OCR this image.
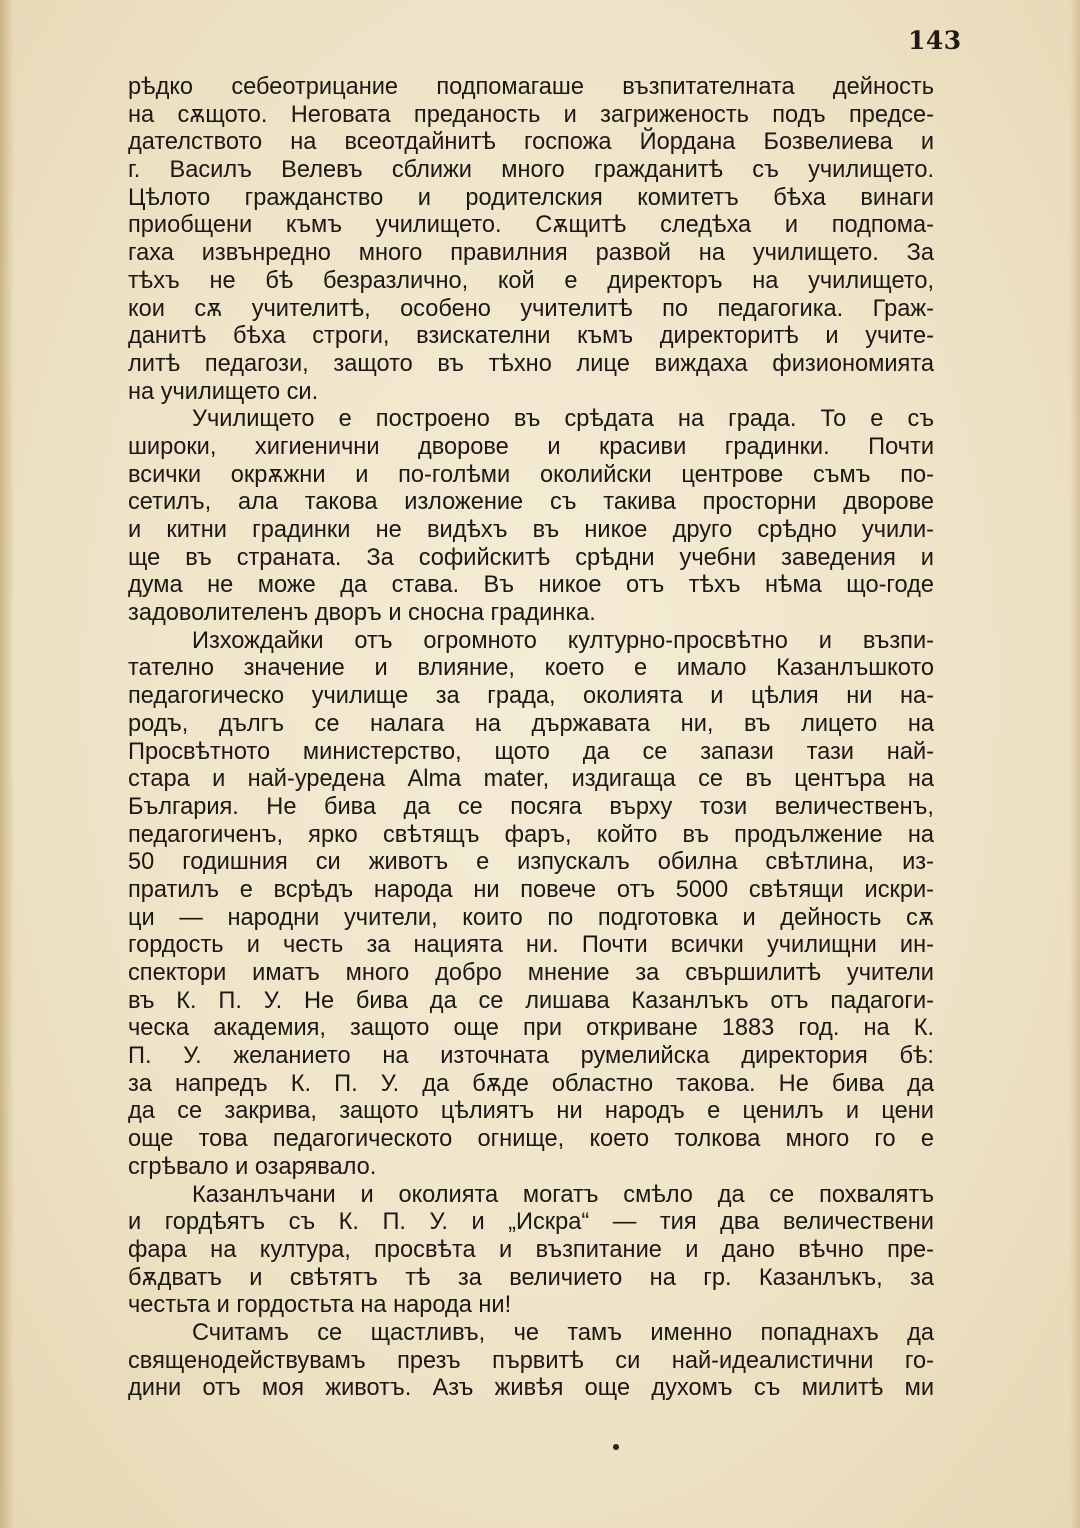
143
рѣдко себеотрицание подпомагаше възпитателната дейность
на сѫщото. Неговата преданость и загриженость подъ предсе-
дателството на всеотдайнитѣ госпожа Йордана Бозвелиева и
г. Василъ Велевъ сближи много гражданитѣ съ училището.
Цѣлото гражданство и родителския комитетъ бѣха винаги
приобщени къмъ училището. Сѫщитѣ следѣха и подпома-
гаха извънредно много правилния развой на училището. За
тѣхъ не бѣ безразлично, кой е директоръ на училището,
кои сѫ учителитѣ, особено учителитѣ по педагогика. Граж-
данитѣ бѣха строги, взискателни къмъ директоритѣ и учите-
литѣ педагози, защото въ тѣхно лице виждаха физиономията
на училището си.
Училището е построено въ срѣдата на града. То е съ
широки, хигиенични дворове и красиви градинки. Почти
всички окрѫжни и по-голѣми околийски центрове съмъ по-
сетилъ, ала такова изложение съ такива просторни дворове
и китни градинки не видѣхъ въ никое друго срѣдно учили-
ще въ страната. За софийскитѣ срѣдни учебни заведения и
дума не може да става. Въ никое отъ тѣхъ нѣма що-годе
задоволителенъ дворъ и сносна градинка.
Изхождайки отъ огромното културно-просвѣтно и възпи-
тателно значение и влияние, което е имало Казанлъшкото
педагогическо училище за града, околията и цѣлия ни на-
родъ, дългъ се налага на държавата ни, въ лицето на
Просвѣтното министерство, щото да се запази тази най-
стара и най-уредена Alma mater, издигаща се въ центъра на
България. Не бива да се посяга върху този величественъ,
педагогиченъ, ярко свѣтящъ фаръ, който въ продължение на
50 годишния си животъ е изпускалъ обилна свѣтлина, из-
пратилъ е всрѣдъ народа ни повече отъ 5000 свѣтящи искри-
ци — народни учители, които по подготовка и дейность сѫ
гордость и честь за нацията ни. Почти всички училищни ин-
спектори иматъ много добро мнение за свършилитѣ учители
въ К. П. У. Не бива да се лишава Казанлъкъ отъ падагоги-
ческа академия, защото още при откриване 1883 год. на К.
П. У. желанието на източната румелийска директория бѣ:
за напредъ К. П. У. да бѫде областно такова. Не бива да
да се закрива, защото цѣлиятъ ни народъ е ценилъ и цени
още това педагогическото огнище, което толкова много го е
сгрѣвало и озарявало.
Казанлъчани и околията могатъ смѣло да се похвалятъ
и гордѣятъ съ К. П. У. и „Искра“ — тия два величествени
фара на култура, просвѣта и възпитание и дано вѣчно пре-
бѫдватъ и свѣтятъ тѣ за величието на гр. Казанлъкъ, за
честьта и гордостьта на народа ни!
Считамъ се щастливъ, че тамъ именно попаднахъ да
священодействувамъ презъ първитѣ си най-идеалистични го-
дини отъ моя животъ. Азъ живѣя още духомъ съ милитѣ ми
